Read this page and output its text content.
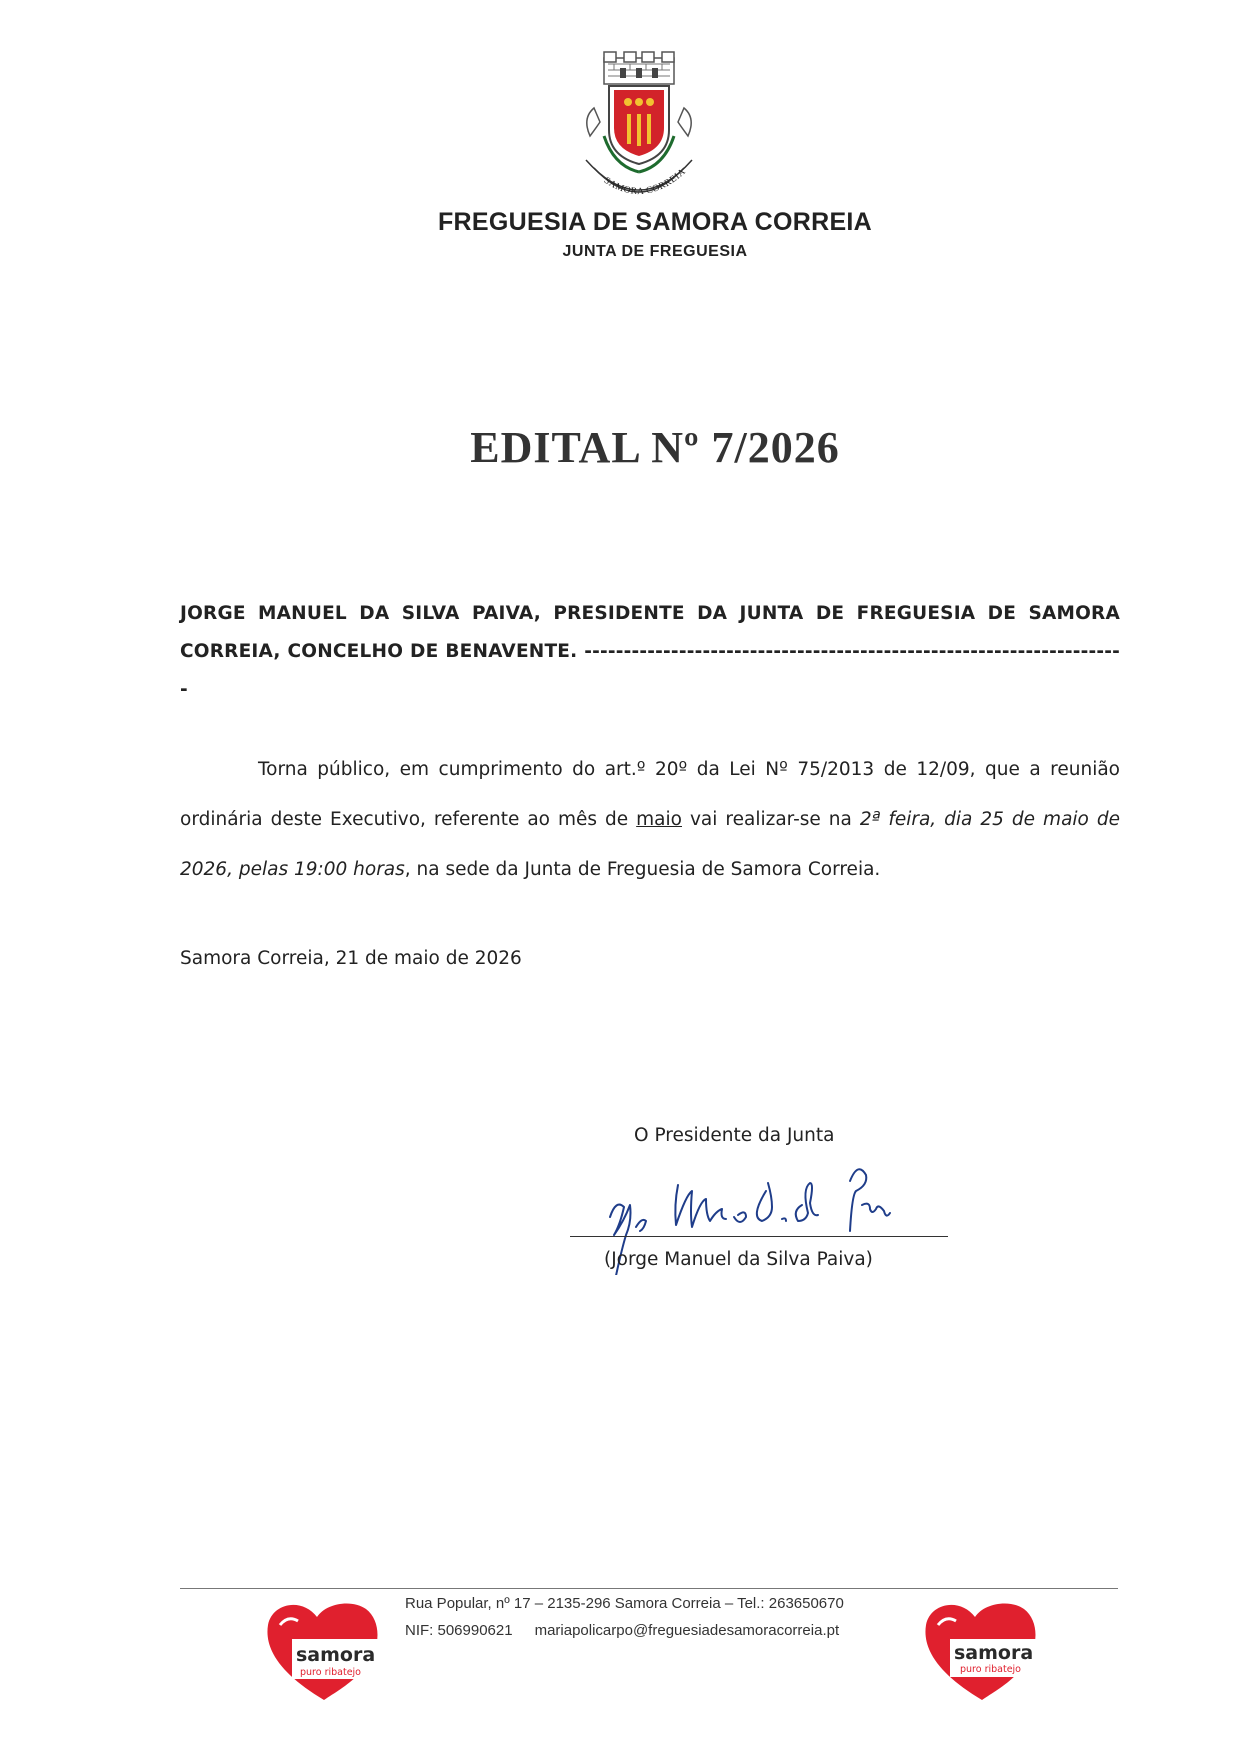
SAMORA CORREIA
FREGUESIA DE SAMORA CORREIA
JUNTA DE FREGUESIA
EDITAL Nº 7/2026
JORGE MANUEL DA SILVA PAIVA, PRESIDENTE DA JUNTA DE FREGUESIA DE SAMORA CORREIA, CONCELHO DE BENAVENTE. ---------------------------------------------------------------------
Torna público, em cumprimento do art.º 20º da Lei Nº 75/2013 de 12/09, que a reunião ordinária deste Executivo, referente ao mês de maio vai realizar-se na 2ª feira, dia 25 de maio de 2026, pelas 19:00 horas, na sede da Junta de Freguesia de Samora Correia.
Samora Correia, 21 de maio de 2026
O Presidente da Junta
(Jorge Manuel da Silva Paiva)
samora
puro ribatejo
Rua Popular, nº 17 – 2135-296 Samora Correia – Tel.: 263650670
NIF: 506990621 mariapolicarpo@freguesiadesamoracorreia.pt
samora
puro ribatejo
